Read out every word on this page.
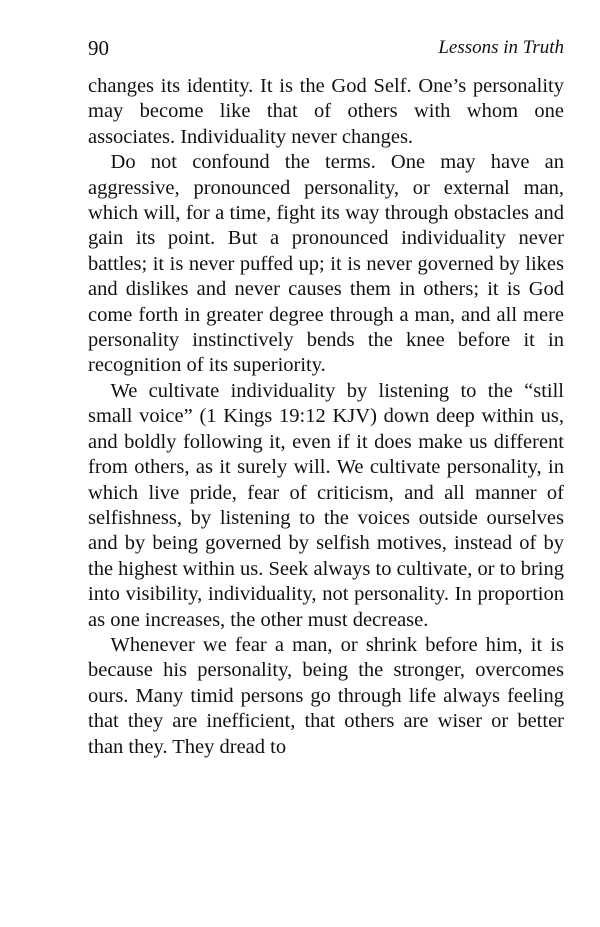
90	Lessons in Truth

changes its identity. It is the God Self. One’s personality may become like that of others with whom one associates. Individuality never changes.

Do not confound the terms. One may have an aggressive, pronounced personality, or external man, which will, for a time, fight its way through obstacles and gain its point. But a pronounced individuality never battles; it is never puffed up; it is never governed by likes and dislikes and never causes them in others; it is God come forth in greater degree through a man, and all mere personality instinctively bends the knee before it in recognition of its superiority.

We cultivate individuality by listening to the “still small voice” (1 Kings 19:12 KJV) down deep within us, and boldly following it, even if it does make us different from others, as it surely will. We cultivate personality, in which live pride, fear of criticism, and all manner of selfishness, by listening to the voices outside ourselves and by being governed by selfish motives, instead of by the highest within us. Seek always to cultivate, or to bring into visibility, individuality, not personality. In proportion as one increases, the other must decrease.

Whenever we fear a man, or shrink before him, it is because his personality, being the stronger, overcomes ours. Many timid persons go through life always feeling that they are inefficient, that others are wiser or better than they. They dread to
